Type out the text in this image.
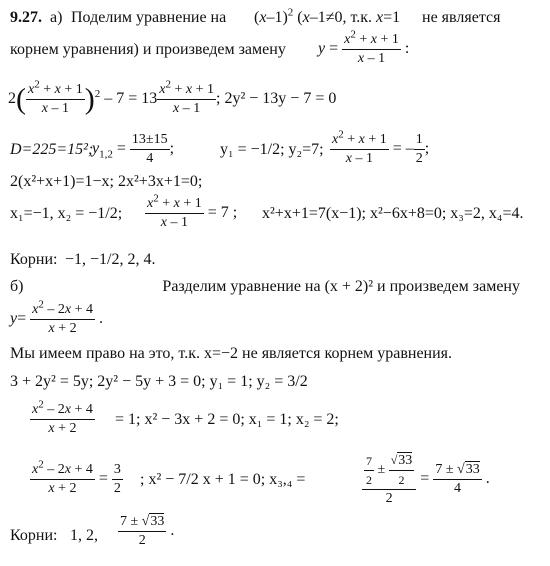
9.27. а) Поделим уравнение на $(x-1)^2$ (x–1≠0, т.к. x=1 не является
корнем уравнения) и произведем замену $y = \frac{x^2 + x + 1}{x - 1}$ :
$2( \frac{x^2 + x + 1}{x - 1} )^2 - 7 = 13 \frac{x^2 + x + 1}{x - 1}$ ; 2y² − 13y − 7 = 0
D=225=15²;
$y_{1,2} = \frac{13\pm 15}{4}$ ;	y₁ = −1/2; y₂=7; $\frac{x^2 + x + 1}{x - 1}$ = – $\frac{1}{2}$ ;
2(x²+x+1)=1−x; 2x²+3x+1=0;
x₁=−1, x₂ = −1/2; $\frac{x^2 + x + 1}{x - 1} = 7$ ; x²+x+1=7(x−1); x²−6x+8=0; x₃=2, x₄=4.
Корни: −1, −1/2, 2, 4.
б)	Разделим уравнение на (x + 2)² и произведем замену
$y= \frac{x^2 - 2x + 4}{x + 2}$ .
Мы имеем право на это, т.к. x=−2 не является корнем уравнения.
3 + 2y² = 5y; 2y² − 5y + 3 = 0; y₁ = 1; y₂ = 3/2
$\frac{x^2 - 2x + 4}{x + 2} = 1$; x² − 3x + 2 = 0; x₁ = 1; x₂ = 2;
$\frac{x^2 - 2x + 4}{x + 2} = \frac{3}{2}$ ; x² − 7/2 x + 1 = 0; x₃,₄ =	$\frac{\frac{7}{2} \pm \frac{√33}{2}}{2} = \frac{7 \pm √33}{4}$ .
Корни: 1, 2, $\frac{7 \pm √33}{2}$ .
